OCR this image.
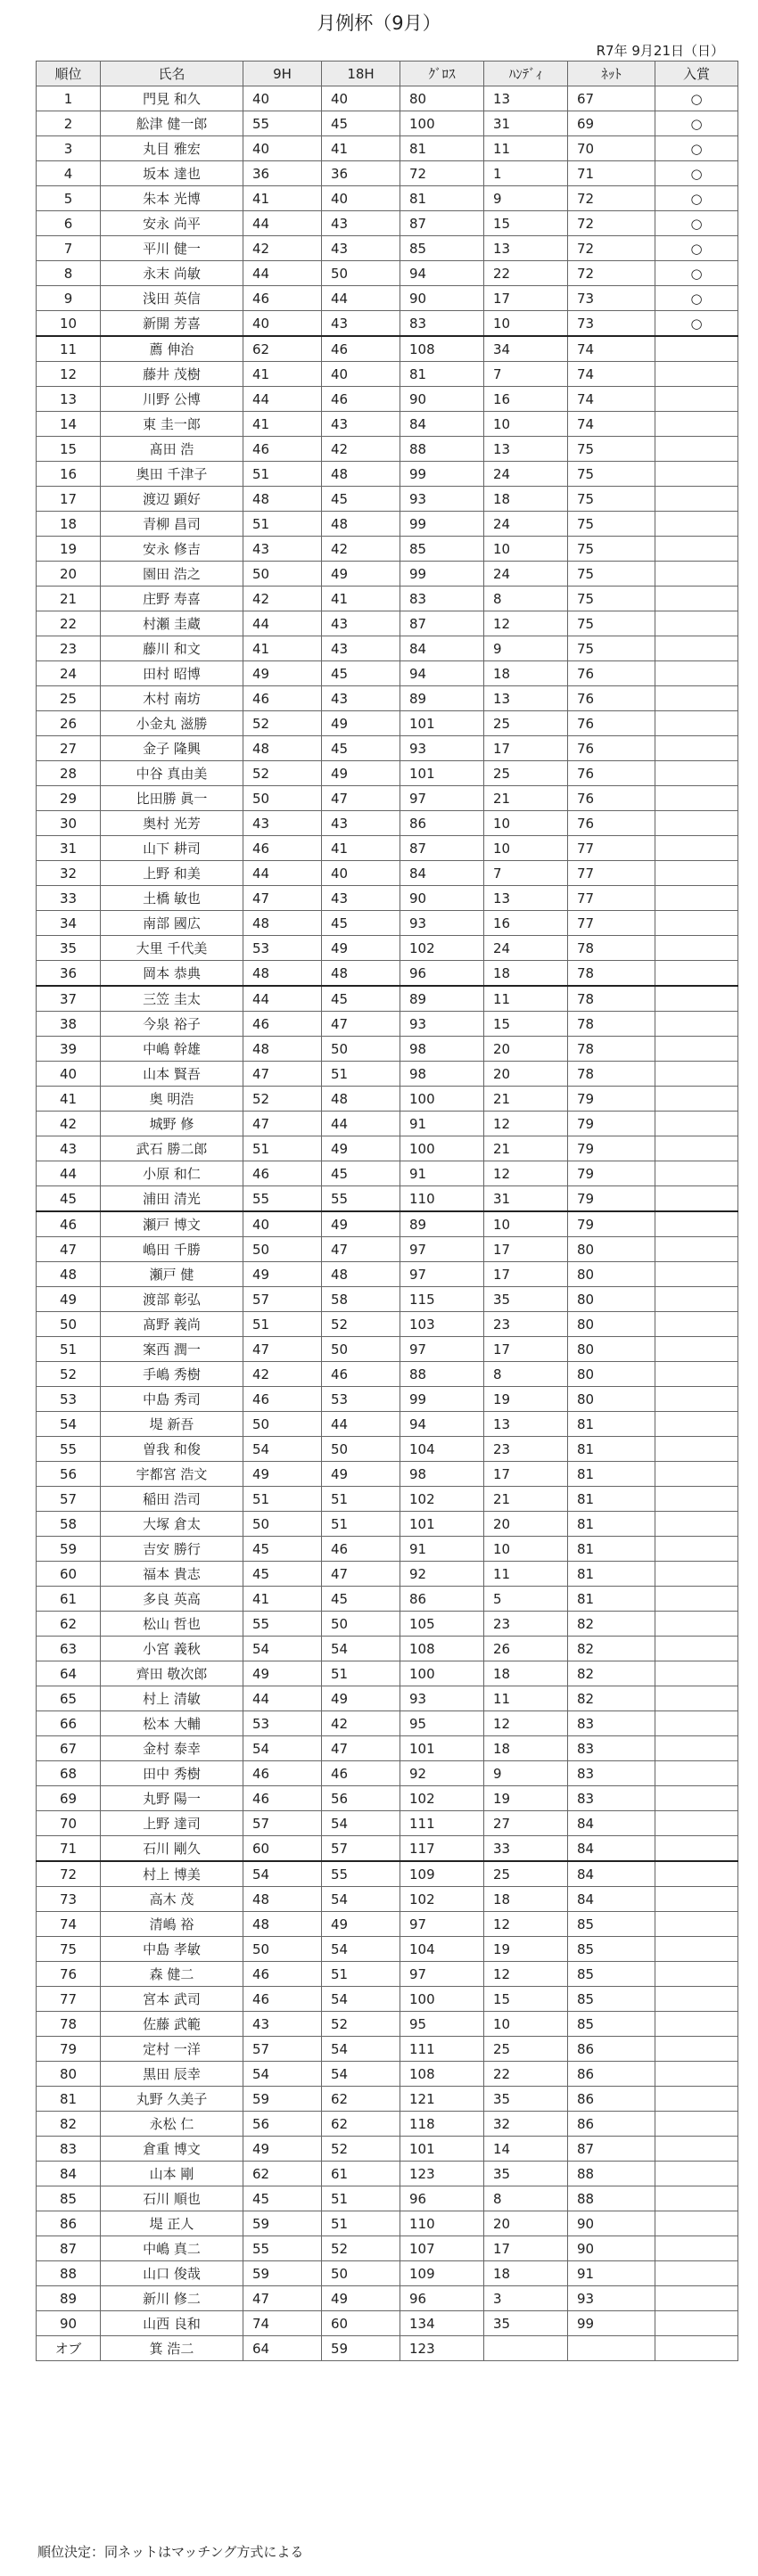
月例杯（9月）
R7年 9月21日（日）
順位	氏名	9H	18H	ｸﾞﾛｽ	ﾊﾝﾃﾞｨ	ﾈｯﾄ	入賞
1	門見 和久	40	40	80	13	67	○
2	舩津 健一郎	55	45	100	31	69	○
3	丸目 雅宏	40	41	81	11	70	○
4	坂本 達也	36	36	72	1	71	○
5	朱本 光博	41	40	81	9	72	○
6	安永 尚平	44	43	87	15	72	○
7	平川 健一	42	43	85	13	72	○
8	永末 尚敏	44	50	94	22	72	○
9	浅田 英信	46	44	90	17	73	○
10	新開 芳喜	40	43	83	10	73	○
11	薦 伸治	62	46	108	34	74	
12	藤井 茂樹	41	40	81	7	74	
13	川野 公博	44	46	90	16	74	
14	東 圭一郎	41	43	84	10	74	
15	髙田 浩	46	42	88	13	75	
16	奥田 千津子	51	48	99	24	75	
17	渡辺 顕好	48	45	93	18	75	
18	青柳 昌司	51	48	99	24	75	
19	安永 修吉	43	42	85	10	75	
20	園田 浩之	50	49	99	24	75	
21	庄野 寿喜	42	41	83	8	75	
22	村瀬 圭蔵	44	43	87	12	75	
23	藤川 和文	41	43	84	9	75	
24	田村 昭博	49	45	94	18	76	
25	木村 南坊	46	43	89	13	76	
26	小金丸 滋勝	52	49	101	25	76	
27	金子 隆興	48	45	93	17	76	
28	中谷 真由美	52	49	101	25	76	
29	比田勝 眞一	50	47	97	21	76	
30	奥村 光芳	43	43	86	10	76	
31	山下 耕司	46	41	87	10	77	
32	上野 和美	44	40	84	7	77	
33	土橋 敏也	47	43	90	13	77	
34	南部 國広	48	45	93	16	77	
35	大里 千代美	53	49	102	24	78	
36	岡本 恭典	48	48	96	18	78	
37	三笠 圭太	44	45	89	11	78	
38	今泉 裕子	46	47	93	15	78	
39	中嶋 幹雄	48	50	98	20	78	
40	山本 賢吾	47	51	98	20	78	
41	奥 明浩	52	48	100	21	79	
42	城野 修	47	44	91	12	79	
43	武石 勝二郎	51	49	100	21	79	
44	小原 和仁	46	45	91	12	79	
45	浦田 清光	55	55	110	31	79	
46	瀬戸 博文	40	49	89	10	79	
47	嶋田 千勝	50	47	97	17	80	
48	瀬戸 健	49	48	97	17	80	
49	渡部 彰弘	57	58	115	35	80	
50	髙野 義尚	51	52	103	23	80	
51	案西 潤一	47	50	97	17	80	
52	手嶋 秀樹	42	46	88	8	80	
53	中島 秀司	46	53	99	19	80	
54	堤 新吾	50	44	94	13	81	
55	曽我 和俊	54	50	104	23	81	
56	宇都宮 浩文	49	49	98	17	81	
57	稲田 浩司	51	51	102	21	81	
58	大塚 倉太	50	51	101	20	81	
59	吉安 勝行	45	46	91	10	81	
60	福本 貴志	45	47	92	11	81	
61	多良 英高	41	45	86	5	81	
62	松山 哲也	55	50	105	23	82	
63	小宮 義秋	54	54	108	26	82	
64	齊田 敬次郎	49	51	100	18	82	
65	村上 清敏	44	49	93	11	82	
66	松本 大輔	53	42	95	12	83	
67	金村 泰幸	54	47	101	18	83	
68	田中 秀樹	46	46	92	9	83	
69	丸野 陽一	46	56	102	19	83	
70	上野 達司	57	54	111	27	84	
71	石川 剛久	60	57	117	33	84	
72	村上 博美	54	55	109	25	84	
73	高木 茂	48	54	102	18	84	
74	清嶋 裕	48	49	97	12	85	
75	中島 孝敏	50	54	104	19	85	
76	森 健二	46	51	97	12	85	
77	宮本 武司	46	54	100	15	85	
78	佐藤 武範	43	52	95	10	85	
79	定村 一洋	57	54	111	25	86	
80	黒田 辰幸	54	54	108	22	86	
81	丸野 久美子	59	62	121	35	86	
82	永松 仁	56	62	118	32	86	
83	倉重 博文	49	52	101	14	87	
84	山本 剛	62	61	123	35	88	
85	石川 順也	45	51	96	8	88	
86	堤 正人	59	51	110	20	90	
87	中嶋 真二	55	52	107	17	90	
88	山口 俊哉	59	50	109	18	91	
89	新川 修二	47	49	96	3	93	
90	山西 良和	74	60	134	35	99	
オブ	箕 浩二	64	59	123			
順位決定：同ネットはマッチング方式による
